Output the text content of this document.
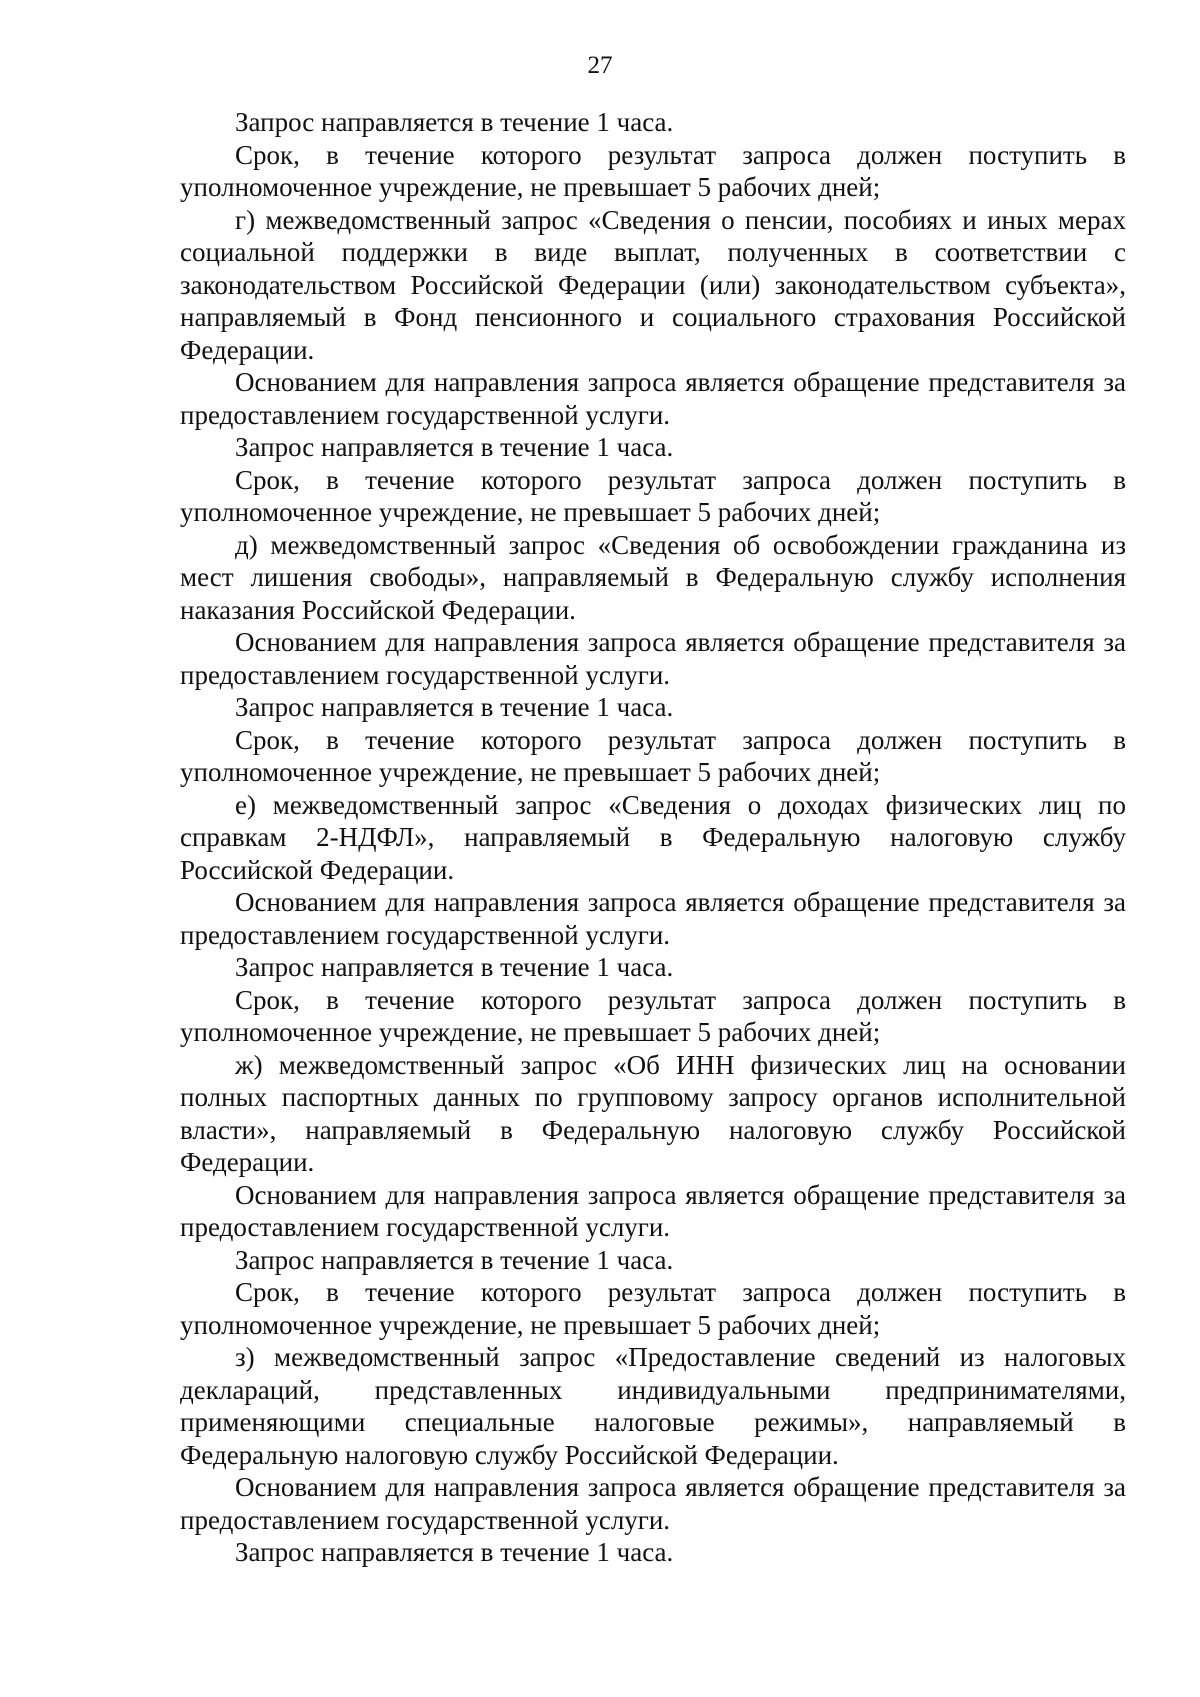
27

Запрос направляется в течение 1 часа.

Срок, в течение которого результат запроса должен поступить в уполномоченное учреждение, не превышает 5 рабочих дней;

г) межведомственный запрос «Сведения о пенсии, пособиях и иных мерах социальной поддержки в виде выплат, полученных в соответствии с законодательством Российской Федерации (или) законодательством субъекта», направляемый в Фонд пенсионного и социального страхования Российской Федерации.

Основанием для направления запроса является обращение представителя за предоставлением государственной услуги.

Запрос направляется в течение 1 часа.

Срок, в течение которого результат запроса должен поступить в уполномоченное учреждение, не превышает 5 рабочих дней;

д) межведомственный запрос «Сведения об освобождении гражданина из мест лишения свободы», направляемый в Федеральную службу исполнения наказания Российской Федерации.

Основанием для направления запроса является обращение представителя за предоставлением государственной услуги.

Запрос направляется в течение 1 часа.

Срок, в течение которого результат запроса должен поступить в уполномоченное учреждение, не превышает 5 рабочих дней;

е) межведомственный запрос «Сведения о доходах физических лиц по справкам 2-НДФЛ», направляемый в Федеральную налоговую службу Российской Федерации.

Основанием для направления запроса является обращение представителя за предоставлением государственной услуги.

Запрос направляется в течение 1 часа.

Срок, в течение которого результат запроса должен поступить в уполномоченное учреждение, не превышает 5 рабочих дней;

ж) межведомственный запрос «Об ИНН физических лиц на основании полных паспортных данных по групповому запросу органов исполнительной власти», направляемый в Федеральную налоговую службу Российской Федерации.

Основанием для направления запроса является обращение представителя за предоставлением государственной услуги.

Запрос направляется в течение 1 часа.

Срок, в течение которого результат запроса должен поступить в уполномоченное учреждение, не превышает 5 рабочих дней;

з) межведомственный запрос «Предоставление сведений из налоговых деклараций, представленных индивидуальными предпринимателями, применяющими специальные налоговые режимы», направляемый в Федеральную налоговую службу Российской Федерации.

Основанием для направления запроса является обращение представителя за предоставлением государственной услуги.

Запрос направляется в течение 1 часа.
